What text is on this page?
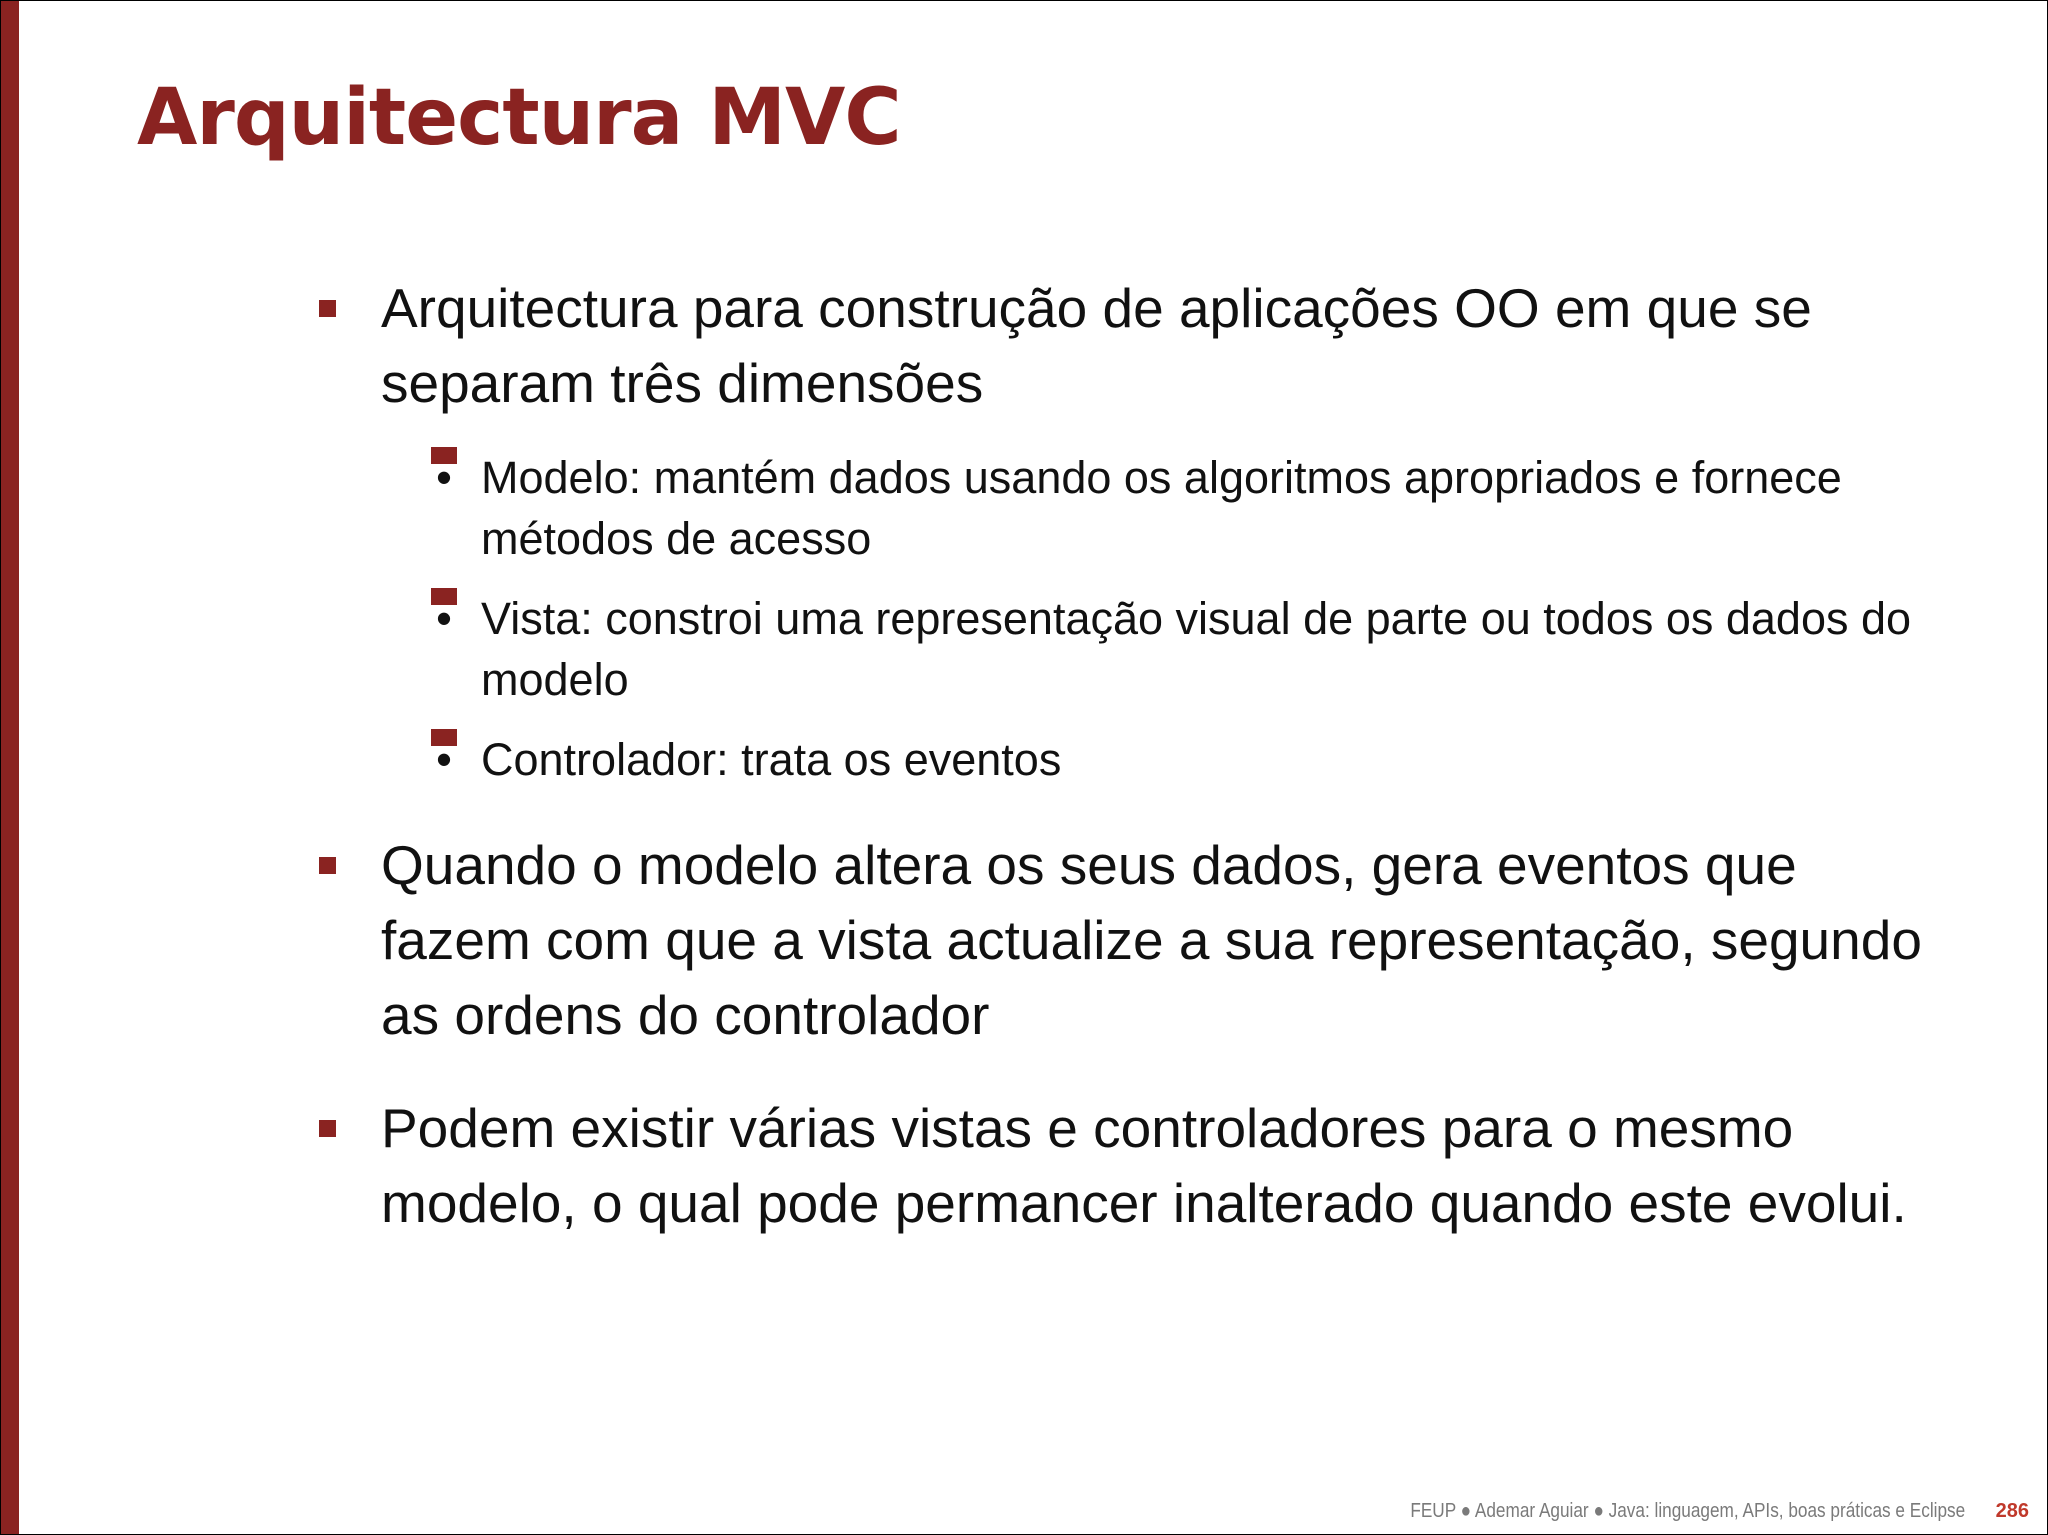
Arquitectura MVC
Arquitectura para construção de aplicações OO em que se separam três dimensões
• Modelo: mantém dados usando os algoritmos apropriados e fornece métodos de acesso
• Vista: constroi uma representação visual de parte ou todos os dados do modelo
• Controlador: trata os eventos
Quando o modelo altera os seus dados, gera eventos que fazem com que a vista actualize a sua representação, segundo as ordens do controlador
Podem existir várias vistas e controladores para o mesmo modelo, o qual pode permancer inalterado quando este evolui.
FEUP ● Ademar Aguiar ● Java: linguagem, APIs, boas práticas e Eclipse 286
